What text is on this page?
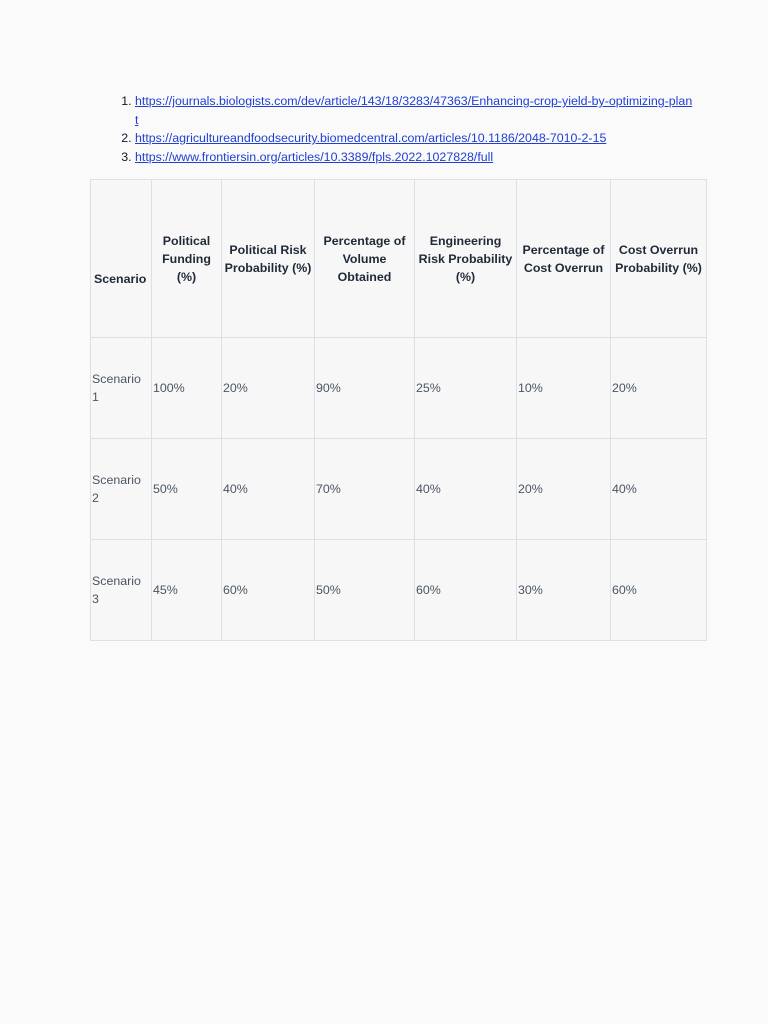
1. https://journals.biologists.com/dev/article/143/18/3283/47363/Enhancing-crop-yield-by-optimizing-plant
2. https://agricultureandfoodsecurity.biomedcentral.com/articles/10.1186/2048-7010-2-15
3. https://www.frontiersin.org/articles/10.3389/fpls.2022.1027828/full
Scenario	Political Funding (%)	Political Risk Probability (%)	Percentage of Volume Obtained	Engineering Risk Probability (%)	Percentage of Cost Overrun	Cost Overrun Probability (%)
Scenario 1	100%	20%	90%	25%	10%	20%
Scenario 2	50%	40%	70%	40%	20%	40%
Scenario 3	45%	60%	50%	60%	30%	60%
